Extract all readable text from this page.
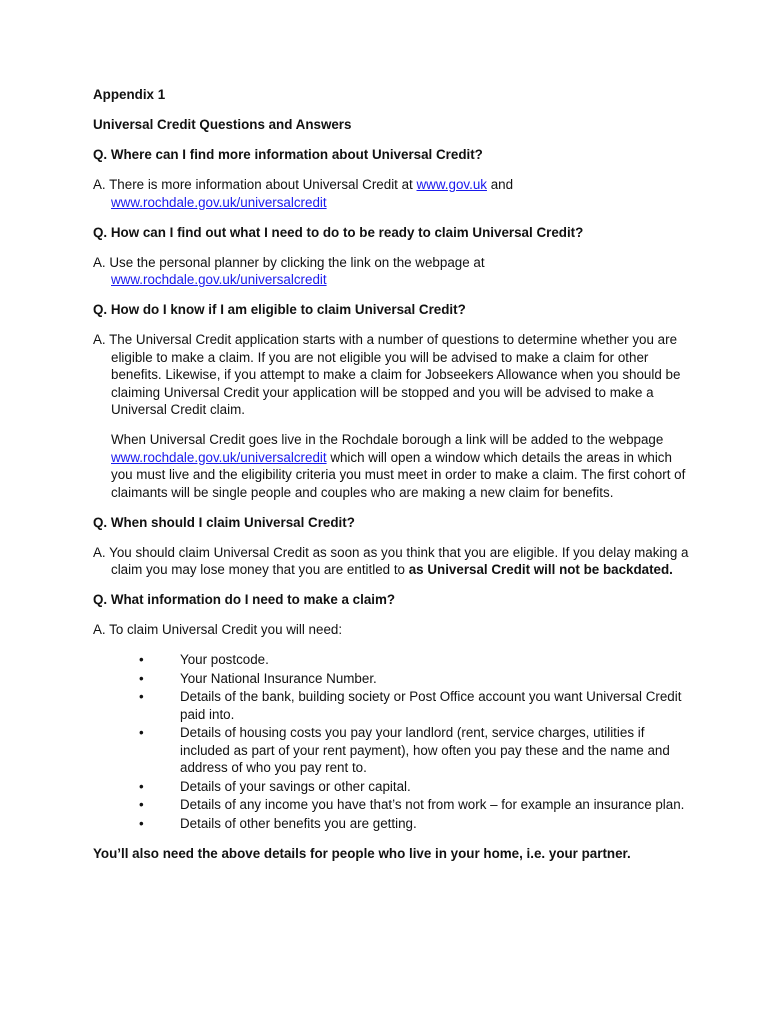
Appendix 1
Universal Credit Questions and Answers
Q. Where can I find more information about Universal Credit?
A. There is more information about Universal Credit at www.gov.uk and
www.rochdale.gov.uk/universalcredit
Q. How can I find out what I need to do to be ready to claim Universal Credit?
A. Use the personal planner by clicking the link on the webpage at
www.rochdale.gov.uk/universalcredit
Q. How do I know if I am eligible to claim Universal Credit?
A. The Universal Credit application starts with a number of questions to determine whether you are eligible to make a claim. If you are not eligible you will be advised to make a claim for other benefits. Likewise, if you attempt to make a claim for Jobseekers Allowance when you should be claiming Universal Credit your application will be stopped and you will be advised to make a Universal Credit claim.
When Universal Credit goes live in the Rochdale borough a link will be added to the webpage www.rochdale.gov.uk/universalcredit which will open a window which details the areas in which you must live and the eligibility criteria you must meet in order to make a claim. The first cohort of claimants will be single people and couples who are making a new claim for benefits.
Q. When should I claim Universal Credit?
A. You should claim Universal Credit as soon as you think that you are eligible. If you delay making a claim you may lose money that you are entitled to as Universal Credit will not be backdated.
Q. What information do I need to make a claim?
A. To claim Universal Credit you will need:
•	Your postcode.
•	Your National Insurance Number.
•	Details of the bank, building society or Post Office account you want Universal Credit paid into.
•	Details of housing costs you pay your landlord (rent, service charges, utilities if included as part of your rent payment), how often you pay these and the name and address of who you pay rent to.
•	Details of your savings or other capital.
•	Details of any income you have that’s not from work – for example an insurance plan.
•	Details of other benefits you are getting.
You’ll also need the above details for people who live in your home, i.e. your partner.
